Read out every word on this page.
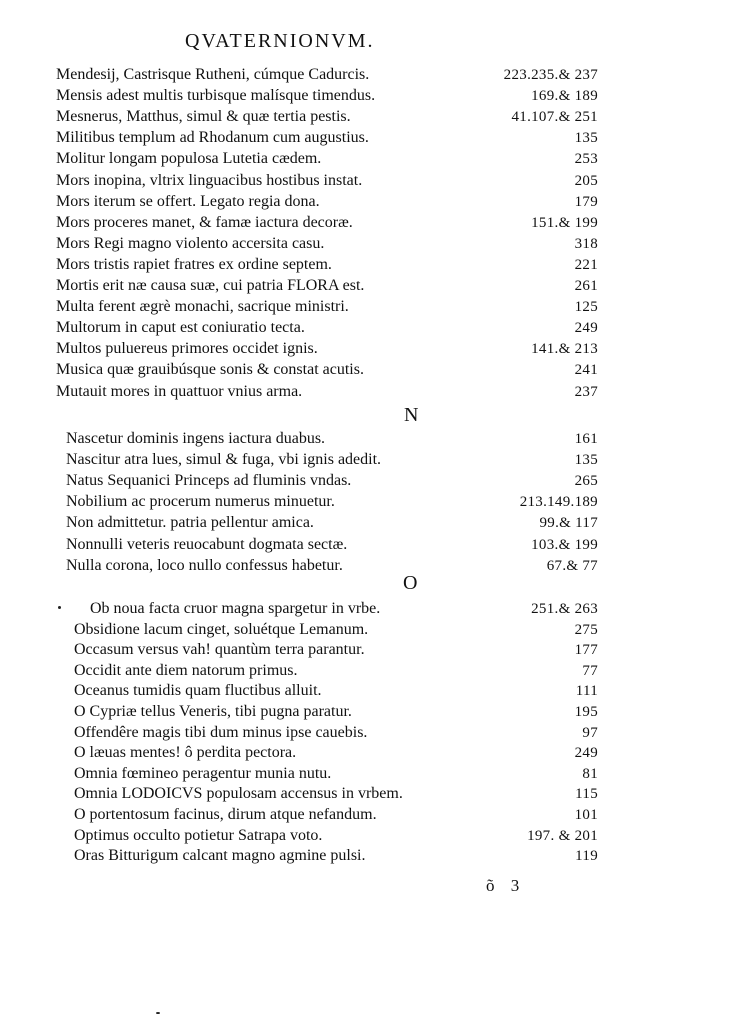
QVATERNIONVM.
Mendesij, Castrisque Rutheni, cúmque Cadurcis.	223.235.& 237
Mensis adest multis turbisque malísque timendus.	169.& 189
Mesnerus, Matthus, simul & quæ tertia pestis.	41.107.& 251
Militibus templum ad Rhodanum cum augustius.	135
Molitur longam populosa Lutetia cædem.	253
Mors inopina, vltrix linguacibus hostibus instat.	205
Mors iterum se offert. Legato regia dona.	179
Mors proceres manet, & famæ iactura decoræ.	151.& 199
Mors Regi magno violento accersita casu.	318
Mors tristis rapiet fratres ex ordine septem.	221
Mortis erit næ causa suæ, cui patria FLORA est.	261
Multa ferent ægrè monachi, sacrique ministri.	125
Multorum in caput est coniuratio tecta.	249
Multos puluereus primores occidet ignis.	141.& 213
Musica quæ grauibúsque sonis & constat acutis.	241
Mutauit mores in quattuor vnius arma.	237
Nascetur dominis ingens iactura duabus.	161
Nascitur atra lues, simul & fuga, vbi ignis adedit.	135
Natus Sequanici Princeps ad fluminis vndas.	265
Nobilium ac procerum numerus minuetur.	213.149.189
Non admittetur. patria pellentur amica.	99.& 117
Nonnulli veteris reuocabunt dogmata sectæ.	103.& 199
Nulla corona, loco nullo confessus habetur.	67.& 77
Ob noua facta cruor magna spargetur in vrbe.	251.& 263
Obsidione lacum cinget, soluétque Lemanum.	275
Occasum versus vah! quantùm terra parantur.	177
Occidit ante diem natorum primus.	77
Oceanus tumidis quam fluctibus alluit.	111
O Cypriæ tellus Veneris, tibi pugna paratur.	195
Offendêre magis tibi dum minus ipse cauebis.	97
O læuas mentes! ô perdita pectora.	249
Omnia fœmineo peragentur munia nutu.	81
Omnia LODOICVS populosam accensus in vrbem.	115
O portentosum facinus, dirum atque nefandum.	101
Optimus occulto potietur Satrapa voto.	197. & 201
Oras Bitturigum calcant magno agmine pulsi.	119
N
O
õ 3
